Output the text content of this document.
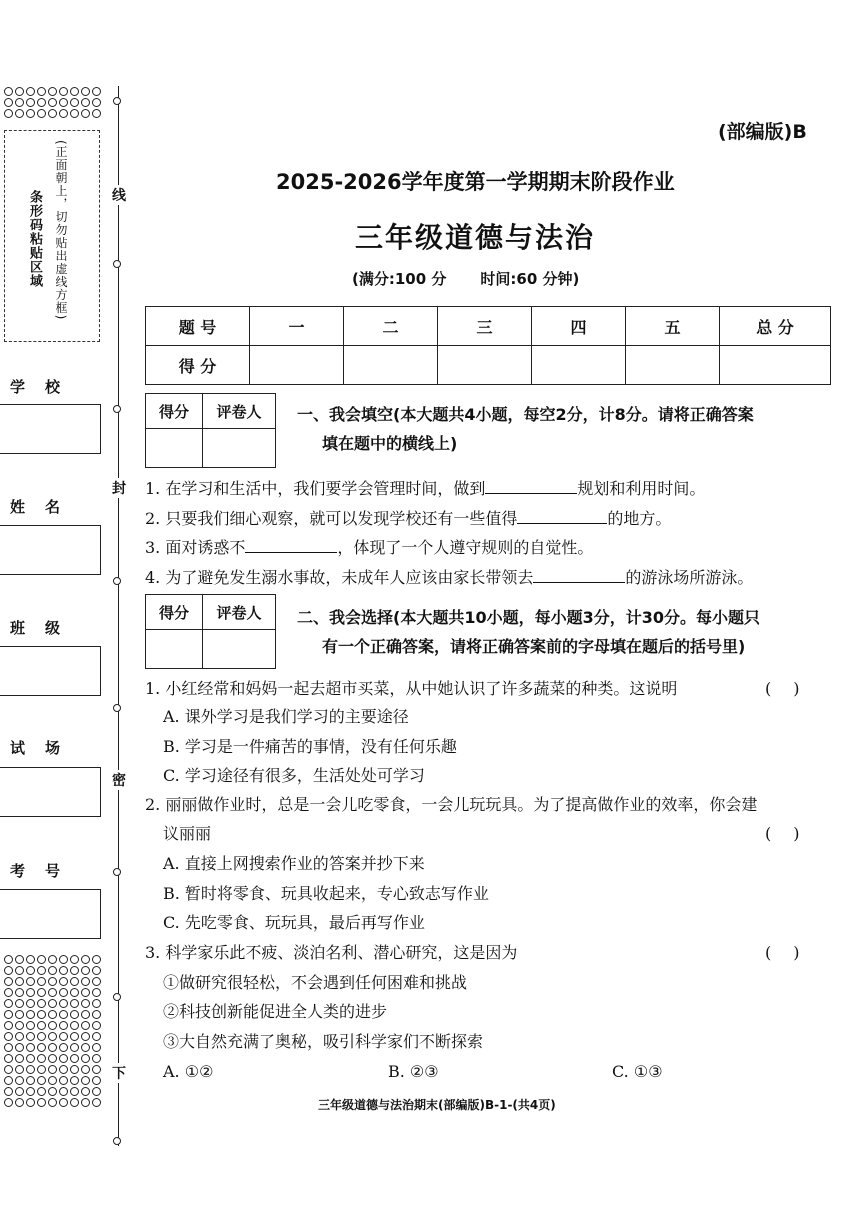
(正面朝上，切勿贴出虚线方框)
条形码粘贴区域
学校
姓名
班级
试场
考号
线
封
密
下
(部编版)B
2025-2026学年度第一学期期末阶段作业
三年级道德与法治
(满分:100 分 时间:60 分钟)
题 号	一	二	三	四	五	总 分
得 分						
得分	评卷人
	一、我会填空(本大题共4小题，每空2分，计8分。请将正确答案
填在题中的横线上)
1. 在学习和生活中，我们要学会管理时间，做到	规划和利用时间。
2. 只要我们细心观察，就可以发现学校还有一些值得	的地方。
3. 面对诱惑不	，体现了一个人遵守规则的自觉性。
4. 为了避免发生溺水事故，未成年人应该由家长带领去	的游泳场所游泳。
得分	评卷人
	二、我会选择(本大题共10小题，每小题3分，计30分。每小题只
有一个正确答案，请将正确答案前的字母填在题后的括号里)
1. 小红经常和妈妈一起去超市买菜，从中她认识了许多蔬菜的种类。这说明	()
A. 课外学习是我们学习的主要途径
B. 学习是一件痛苦的事情，没有任何乐趣
C. 学习途径有很多，生活处处可学习
2. 丽丽做作业时，总是一会儿吃零食，一会儿玩玩具。为了提高做作业的效率，你会建
议丽丽	()
A. 直接上网搜索作业的答案并抄下来
B. 暂时将零食、玩具收起来，专心致志写作业
C. 先吃零食、玩玩具，最后再写作业
3. 科学家乐此不疲、淡泊名利、潜心研究，这是因为	()
①做研究很轻松，不会遇到任何困难和挑战
②科技创新能促进全人类的进步
③大自然充满了奥秘，吸引科学家们不断探索
A. ①②	B. ②③	C. ①③
三年级道德与法治期末(部编版)B-1-(共4页)
